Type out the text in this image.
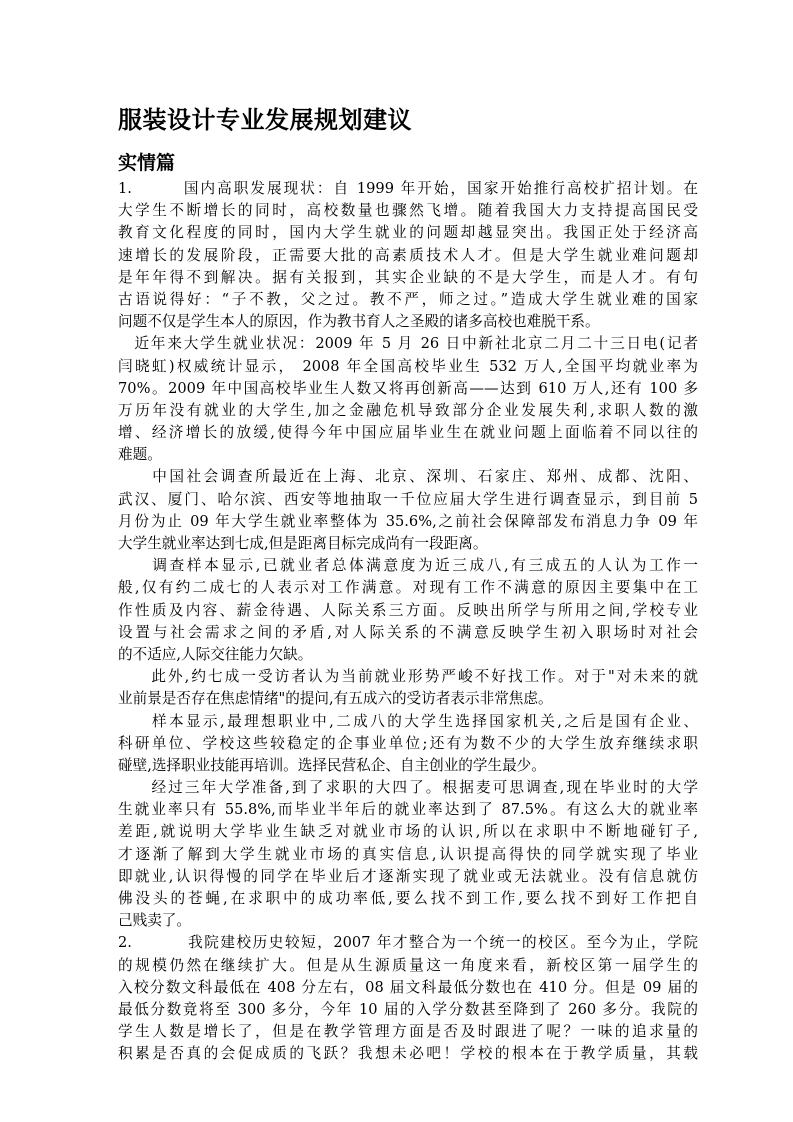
服装设计专业发展规划建议
实情篇
1.　　　国内高职发展现状：自 1999 年开始，国家开始推行高校扩招计划。在
大学生不断增长的同时，高校数量也骤然飞增。随着我国大力支持提高国民受
教育文化程度的同时，国内大学生就业的问题却越显突出。我国正处于经济高
速增长的发展阶段，正需要大批的高素质技术人才。但是大学生就业难问题却
是年年得不到解决。据有关报到，其实企业缺的不是大学生，而是人才。有句
古语说得好：“子不教，父之过。教不严，师之过。”造成大学生就业难的国家
问题不仅是学生本人的原因，作为教书育人之圣殿的诸多高校也难脱干系。
　近年来大学生就业状况：2009 年 5 月 26 日中新社北京二月二十三日电(记者
闫晓虹)权威统计显示， 2008 年全国高校毕业生 532 万人,全国平均就业率为
70%。2009 年中国高校毕业生人数又将再创新高——达到 610 万人,还有 100 多
万历年没有就业的大学生,加之金融危机导致部分企业发展失利,求职人数的激
增、经济增长的放缓,使得今年中国应届毕业生在就业问题上面临着不同以往的
难题。
　　中国社会调查所最近在上海、北京、深圳、石家庄、郑州、成都、沈阳、
武汉、厦门、哈尔滨、西安等地抽取一千位应届大学生进行调查显示，到目前 5
月份为止 09 年大学生就业率整体为 35.6%,之前社会保障部发布消息力争 09 年
大学生就业率达到七成,但是距离目标完成尚有一段距离。
　　调查样本显示,已就业者总体满意度为近三成八,有三成五的人认为工作一
般,仅有约二成七的人表示对工作满意。对现有工作不满意的原因主要集中在工
作性质及内容、薪金待遇、人际关系三方面。反映出所学与所用之间,学校专业
设置与社会需求之间的矛盾,对人际关系的不满意反映学生初入职场时对社会
的不适应,人际交往能力欠缺。
　　此外,约七成一受访者认为当前就业形势严峻不好找工作。对于"对未来的就
业前景是否存在焦虑情绪"的提问,有五成六的受访者表示非常焦虑。
　　样本显示,最理想职业中,二成八的大学生选择国家机关,之后是国有企业、
科研单位、学校这些较稳定的企事业单位;还有为数不少的大学生放弃继续求职
碰壁,选择职业技能再培训。选择民营私企、自主创业的学生最少。
　　经过三年大学准备,到了求职的大四了。根据麦可思调查,现在毕业时的大学
生就业率只有 55.8%,而毕业半年后的就业率达到了 87.5%。有这么大的就业率
差距,就说明大学毕业生缺乏对就业市场的认识,所以在求职中不断地碰钉子,
才逐渐了解到大学生就业市场的真实信息,认识提高得快的同学就实现了毕业
即就业,认识得慢的同学在毕业后才逐渐实现了就业或无法就业。没有信息就仿
佛没头的苍蝇,在求职中的成功率低,要么找不到工作,要么找不到好工作把自
己贱卖了。
2.　　　 我院建校历史较短，2007 年才整合为一个统一的校区。至今为止，学院
的规模仍然在继续扩大。但是从生源质量这一角度来看，新校区第一届学生的
入校分数文科最低在 408 分左右，08 届文科最低分数也在 410 分。但是 09 届的
最低分数竟将至 300 多分，今年 10 届的入学分数甚至降到了 260 多分。我院的
学生人数是增长了，但是在教学管理方面是否及时跟进了呢？一味的追求量的
积累是否真的会促成质的飞跃？我想未必吧！学校的根本在于教学质量，其载
